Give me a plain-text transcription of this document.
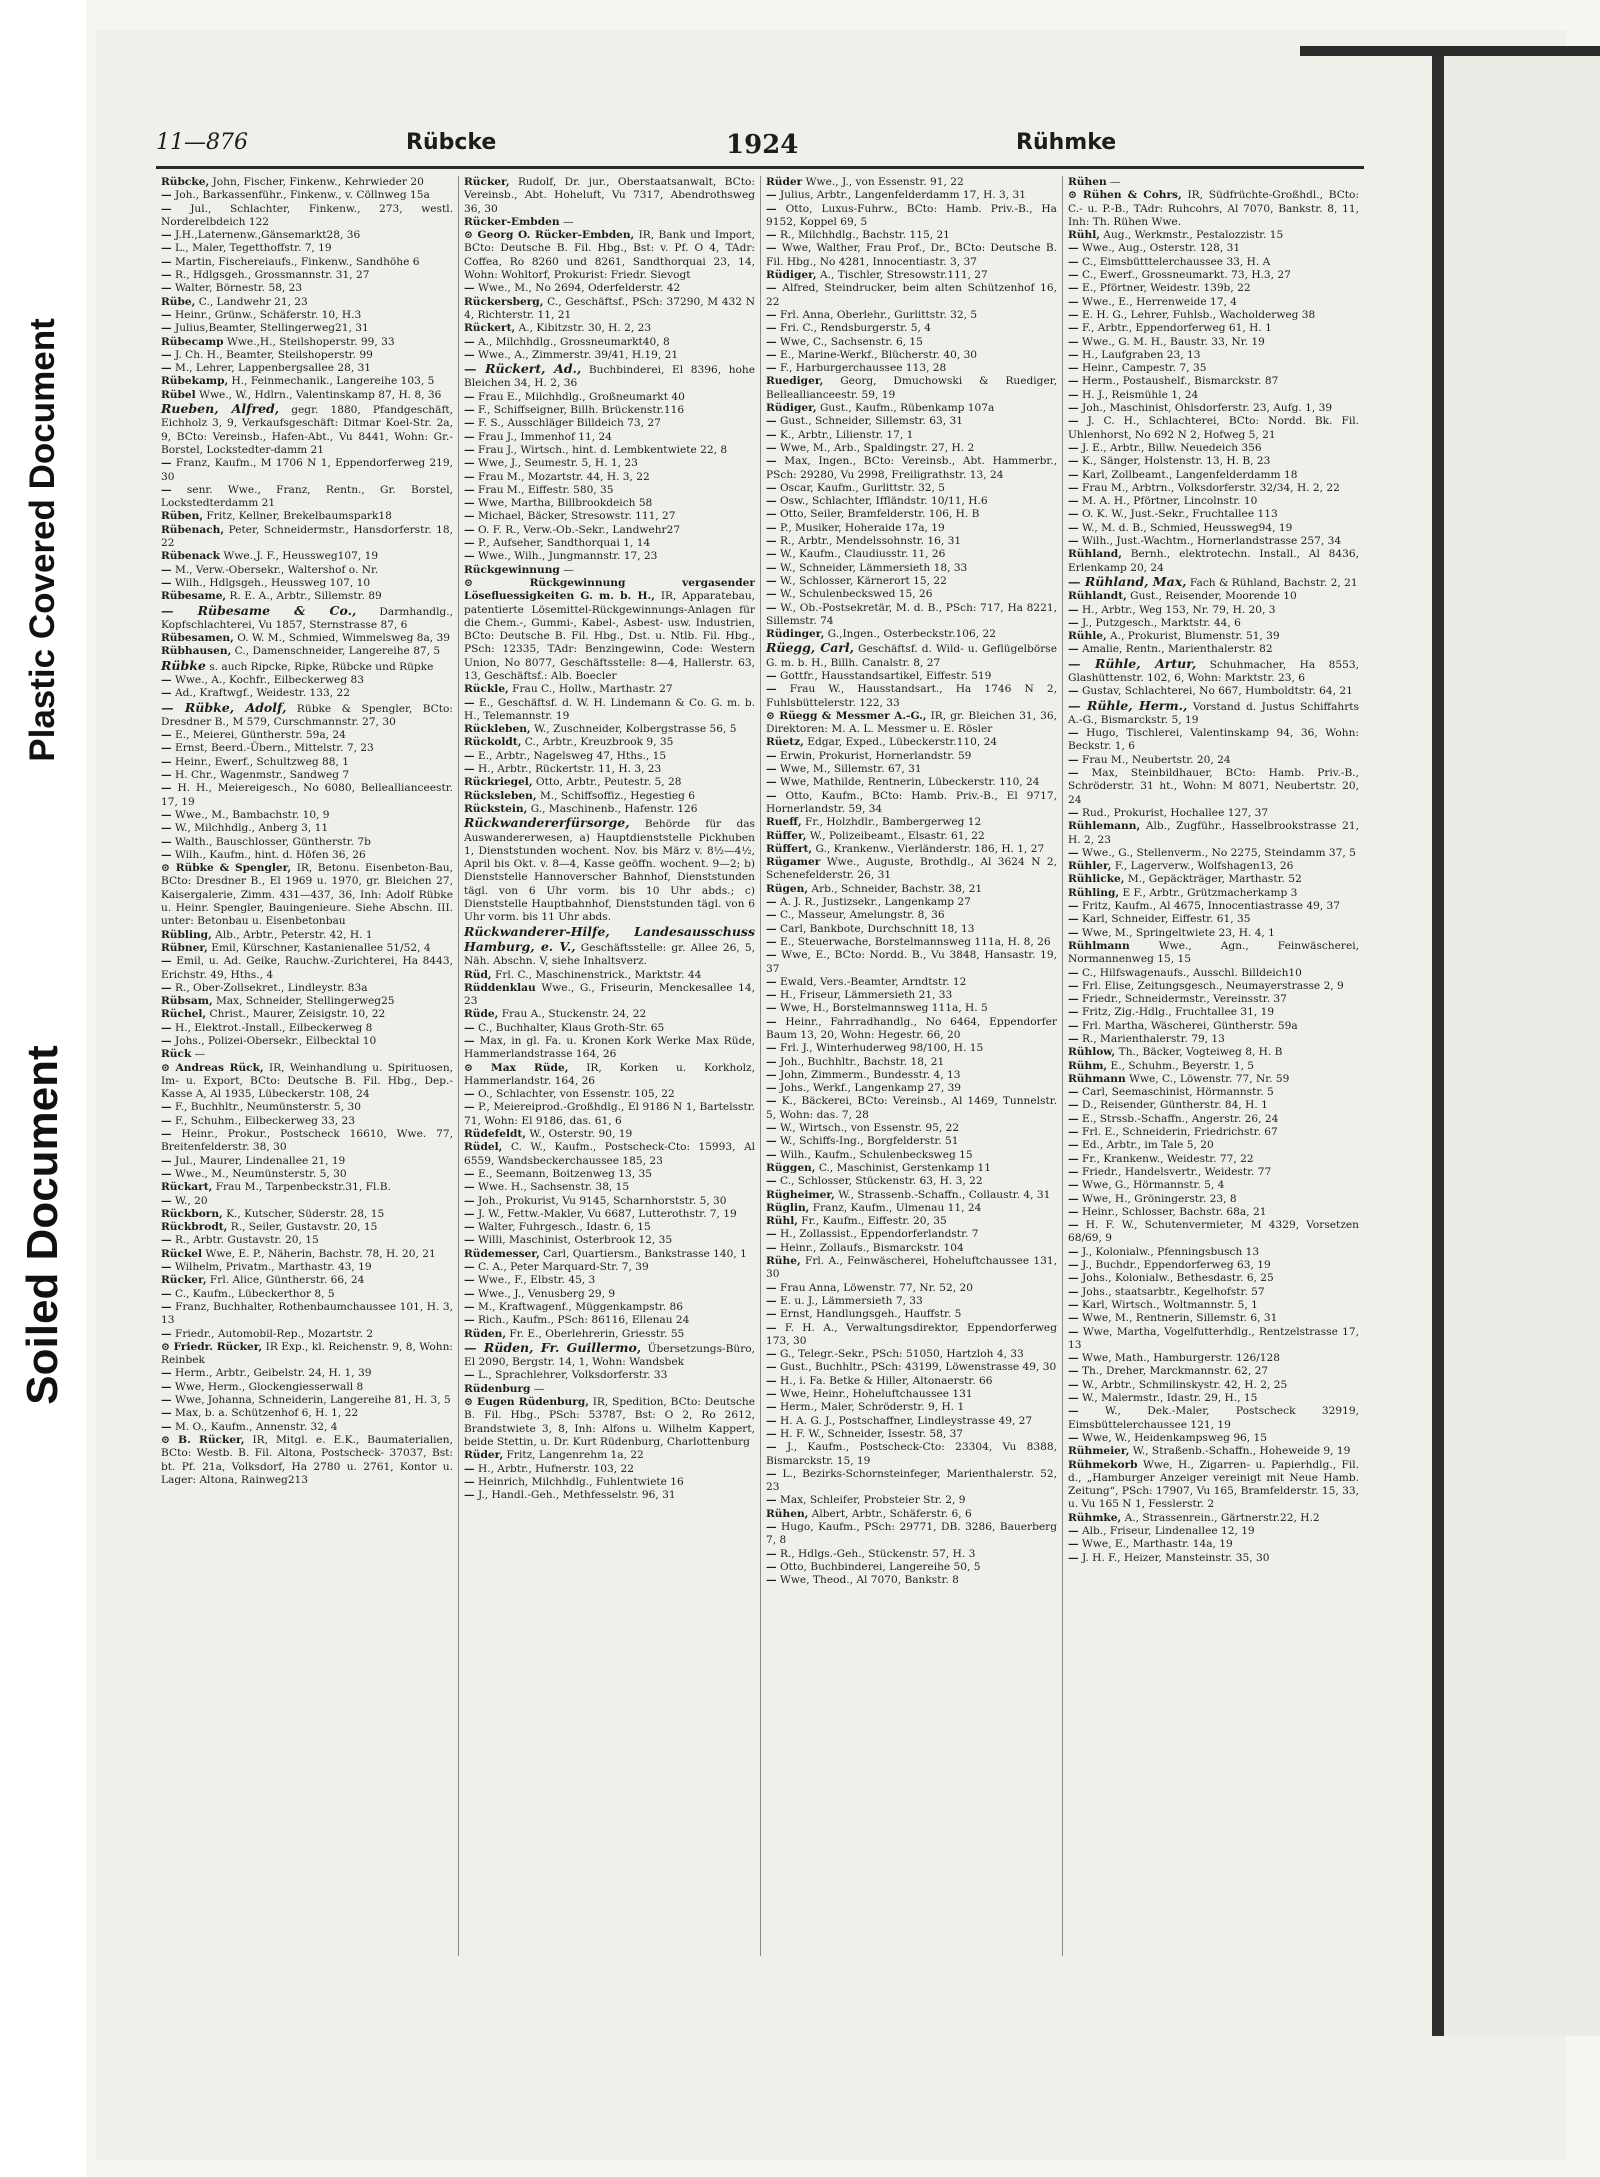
Plastic Covered Document
Soiled Document
11—876	Rübcke	1924	Rühmke

Rübcke, John, Fischer, Finkenw., Kehrwieder 20

— Joh., Barkassenführ., Finkenw., v. Cöllnweg 15a

— Jul., Schlachter, Finkenw., 273, westl. Norderelbdeich 122

— J.H.,Laternenw.,Gänsemarkt28, 36

— L., Maler, Tegetthoffstr. 7, 19

— Martin, Fischereiaufs., Finkenw., Sandhöhe 6

— R., Hdlgsgeh., Grossmannstr. 31, 27

— Walter, Börnestr. 58, 23

Rübe, C., Landwehr 21, 23

— Heinr., Grünw., Schäferstr. 10, H.3

— Julius,Beamter, Stellingerweg21, 31

Rübecamp Wwe.,H., Steilshoperstr. 99, 33

— J. Ch. H., Beamter, Steilshoperstr. 99

— M., Lehrer, Lappenbergsallee 28, 31

Rübekamp, H., Feinmechanik., Langereihe 103, 5

Rübel Wwe., W., Hdlrn., Valentinskamp 87, H. 8, 36

Rueben, Alfred, gegr. 1880, Pfandgeschäft, Eichholz 3, 9, Verkaufsgeschäft: Ditmar Koel-Str. 2a, 9, BCto: Vereinsb., Hafen-Abt., Vu 8441, Wohn: Gr.-Borstel, Lockstedter-damm 21

— Franz, Kaufm., M 1706 N 1, Eppendorferweg 219, 30

— senr. Wwe., Franz, Rentn., Gr. Borstel, Lockstedterdamm 21

Rüben, Fritz, Kellner, Brekelbaumspark18

Rübenach, Peter, Schneidermstr., Hansdorferstr. 18, 22

Rübenack Wwe.,J. F., Heussweg107, 19

— M., Verw.-Obersekr., Waltershof o. Nr.

— Wilh., Hdlgsgeh., Heussweg 107, 10

Rübesame, R. E. A., Arbtr., Sillemstr. 89

— Rübesame & Co., Darmhandlg., Kopfschlachterei, Vu 1857, Sternstrasse 87, 6

Rübesamen, O. W. M., Schmied, Wimmelsweg 8a, 39

Rübhausen, C., Damenschneider, Langereihe 87, 5

Rübke s. auch Ripcke, Ripke, Rübcke und Rüpke

— Wwe., A., Kochfr., Eilbeckerweg 83

— Ad., Kraftwgf., Weidestr. 133, 22

— Rübke, Adolf, Rübke & Spengler, BCto: Dresdner B., M 579, Curschmannstr. 27, 30

— E., Meierei, Güntherstr. 59a, 24

— Ernst, Beerd.-Übern., Mittelstr. 7, 23

— Heinr., Ewerf., Schultzweg 88, 1

— H. Chr., Wagenmstr., Sandweg 7

— H. H., Meiereigesch., No 6080, Belleallianceestr. 17, 19

— Wwe., M., Bambachstr. 10, 9

— W., Milchhdlg., Anberg 3, 11

— Walth., Bauschlosser, Güntherstr. 7b

— Wilh., Kaufm., hint. d. Höfen 36, 26

⊙ Rübke & Spengler, IR, Betonu. Eisenbeton-Bau, BCto: Dresdner B., El 1969 u. 1970, gr. Bleichen 27, Kaisergalerie, Zimm. 431—437, 36, Inh: Adolf Rübke u. Heinr. Spengler, Bauingenieure. Siehe Abschn. III. unter: Betonbau u. Eisenbetonbau

Rübling, Alb., Arbtr., Peterstr. 42, H. 1

Rübner, Emil, Kürschner, Kastanienallee 51/52, 4

— Emil, u. Ad. Geike, Rauchw.-Zurichterei, Ha 8443, Erichstr. 49, Hths., 4

— R., Ober-Zollsekret., Lindleystr. 83a

Rübsam, Max, Schneider, Stellingerweg25

Rüchel, Christ., Maurer, Zeisigstr. 10, 22

— H., Elektrot.-Install., Eilbeckerweg 8

— Johs., Polizei-Obersekr., Eilbecktal 10

Rück —

⊙ Andreas Rück, IR, Weinhandlung u. Spirituosen, Im- u. Export, BCto: Deutsche B. Fil. Hbg., Dep.-Kasse A, Al 1935, Lübeckerstr. 108, 24

— F., Buchhltr., Neumünsterstr. 5, 30

— F., Schuhm., Eilbeckerweg 33, 23

— Heinr., Prokur., Postscheck 16610, Wwe. 77, Breitenfelderstr. 38, 30

— Jul., Maurer, Lindenallee 21, 19

— Wwe., M., Neumünsterstr. 5, 30

Rückart, Frau M., Tarpenbeckstr.31, Fl.B.

— W., 20

Rückborn, K., Kutscher, Süderstr. 28, 15

Rückbrodt, R., Seiler, Gustavstr. 20, 15

— R., Arbtr. Gustavstr. 20, 15

Rückel Wwe, E. P., Näherin, Bachstr. 78, H. 20, 21

— Wilhelm, Privatm., Marthastr. 43, 19

Rücker, Frl. Alice, Güntherstr. 66, 24

— C., Kaufm., Lübeckerthor 8, 5

— Franz, Buchhalter, Rothenbaumchaussee 101, H. 3, 13

— Friedr., Automobil-Rep., Mozartstr. 2

⊙ Friedr. Rücker, IR Exp., kl. Reichenstr. 9, 8, Wohn: Reinbek

— Herm., Arbtr., Geibelstr. 24, H. 1, 39

— Wwe, Herm., Glockengiesserwall 8

— Wwe, Johanna, Schneiderin, Langereihe 81, H. 3, 5

— Max, b. a. Schützenhof 6, H. 1, 22

— M. O., Kaufm., Annenstr. 32, 4

⊙ B. Rücker, IR, Mitgl. e. E.K., Baumaterialien, BCto: Westb. B. Fil. Altona, Postscheck- 37037, Bst: bt. Pf. 21a, Volksdorf, Ha 2780 u. 2761, Kontor u. Lager: Altona, Rainweg213

Rücker, Rudolf, Dr. jur., Oberstaatsanwalt, BCto: Vereinsb., Abt. Hoheluft, Vu 7317, Abendrothsweg 36, 30

Rücker-Embden —

⊙ Georg O. Rücker-Embden, IR, Bank und Import, BCto: Deutsche B. Fil. Hbg., Bst: v. Pf. O 4, TAdr: Coffea, Ro 8260 und 8261, Sandthorquai 23, 14, Wohn: Wohltorf, Prokurist: Friedr. Sievogt

— Wwe., M., No 2694, Oderfelderstr. 42

Rückersberg, C., Geschäftsf., PSch: 37290, M 432 N 4, Richterstr. 11, 21

Rückert, A., Kibitzstr. 30, H. 2, 23

— A., Milchhdlg., Grossneumarkt40, 8

— Wwe., A., Zimmerstr. 39/41, H.19, 21

— Rückert, Ad., Buchbinderei, El 8396, hohe Bleichen 34, H. 2, 36

— Frau E., Milchhdlg., Großneumarkt 40

— F., Schiffseigner, Billh. Brückenstr.116

— F. S., Ausschläger Billdeich 73, 27

— Frau J., Immenhof 11, 24

— Frau J., Wirtsch., hint. d. Lembkentwiete 22, 8

— Wwe, J., Seumestr. 5, H. 1, 23

— Frau M., Mozartstr. 44, H. 3, 22

— Frau M., Eiffestr. 580, 35

— Wwe, Martha, Billbrookdeich 58

— Michael, Bäcker, Stresowstr. 111, 27

— O. F. R., Verw.-Ob.-Sekr., Landwehr27

— P., Aufseher, Sandthorquai 1, 14

— Wwe., Wilh., Jungmannstr. 17, 23

Rückgewinnung —

⊙ Rückgewinnung vergasender Lösefluessigkeiten G. m. b. H., IR, Apparatebau, patentierte Lösemittel-Rückgewinnungs-Anlagen für die Chem.-, Gummi-, Kabel-, Asbest- usw. Industrien, BCto: Deutsche B. Fil. Hbg., Dst. u. Ntlb. Fil. Hbg., PSch: 12335, TAdr: Benzingewinn, Code: Western Union, No 8077, Geschäftsstelle: 8—4, Hallerstr. 63, 13, Geschäftsf.: Alb. Boecler

Rückle, Frau C., Hollw., Marthastr. 27

— E., Geschäftsf. d. W. H. Lindemann & Co. G. m. b. H., Telemannstr. 19

Rückleben, W., Zuschneider, Kolbergstrasse 56, 5

Rückoldt, C., Arbtr., Kreuzbrook 9, 35

— E., Arbtr., Nagelsweg 47, Hths., 15

— H., Arbtr., Rückertstr. 11, H. 3, 23

Rückriegel, Otto, Arbtr., Peutestr. 5, 28

Rücksleben, M., Schiffsoffiz., Hegestieg 6

Rückstein, G., Maschinenb., Hafenstr. 126

Rückwandererfürsorge, Behörde für das Auswandererwesen, a) Hauptdienststelle Pickhuben 1, Dienststunden wochent. Nov. bis März v. 8½—4½, April bis Okt. v. 8—4, Kasse geöffn. wochent. 9—2; b) Dienststelle Hannoverscher Bahnhof, Dienststunden tägl. von 6 Uhr vorm. bis 10 Uhr abds.; c) Dienststelle Hauptbahnhof, Dienststunden tägl. von 6 Uhr vorm. bis 11 Uhr abds.

Rückwanderer-Hilfe, Landesausschuss Hamburg, e. V., Geschäftsstelle: gr. Allee 26, 5, Näh. Abschn. V, siehe Inhaltsverz.

Rüd, Frl. C., Maschinenstrick., Marktstr. 44

Rüddenklau Wwe., G., Friseurin, Menckesallee 14, 23

Rüde, Frau A., Stuckenstr. 24, 22

— C., Buchhalter, Klaus Groth-Str. 65

— Max, in gl. Fa. u. Kronen Kork Werke Max Rüde, Hammerlandstrasse 164, 26

⊙ Max Rüde, IR, Korken u. Korkholz, Hammerlandstr. 164, 26

— O., Schlachter, von Essenstr. 105, 22

— P., Meiereiprod.-Großhdlg., El 9186 N 1, Bartelsstr. 71, Wohn: El 9186, das. 61, 6

Rüdefeldt, W., Osterstr. 90, 19

Rüdel, C. W., Kaufm., Postscheck-Cto: 15993, Al 6559, Wandsbeckerchaussee 185, 23

— E., Seemann, Boitzenweg 13, 35

— Wwe. H., Sachsenstr. 38, 15

— Joh., Prokurist, Vu 9145, Scharnhorststr. 5, 30

— J. W., Fettw.-Makler, Vu 6687, Lutterothstr. 7, 19

— Walter, Fuhrgesch., Idastr. 6, 15

— Willi, Maschinist, Osterbrook 12, 35

Rüdemesser, Carl, Quartiersm., Bankstrasse 140, 1

— C. A., Peter Marquard-Str. 7, 39

— Wwe., F., Elbstr. 45, 3

— Wwe., J., Venusberg 29, 9

— M., Kraftwagenf., Müggenkampstr. 86

— Rich., Kaufm., PSch: 86116, Ellenau 24

Rüden, Fr. E., Oberlehrerin, Griesstr. 55

— Rüden, Fr. Guillermo, Übersetzungs-Büro, El 2090, Bergstr. 14, 1, Wohn: Wandsbek

— L., Sprachlehrer, Volksdorferstr. 33

Rüdenburg —

⊙ Eugen Rüdenburg, IR, Spedition, BCto: Deutsche B. Fil. Hbg., PSch: 53787, Bst: O 2, Ro 2612, Brandstwiete 3, 8, Inh: Alfons u. Wilhelm Kappert, beide Stettin, u. Dr. Kurt Rüdenburg, Charlottenburg

Rüder, Fritz, Langenrehm 1a, 22

— H., Arbtr., Hufnerstr. 103, 22

— Heinrich, Milchhdlg., Fuhlentwiete 16

— J., Handl.-Geh., Methfesselstr. 96, 31

Rüder Wwe., J., von Essenstr. 91, 22

— Julius, Arbtr., Langenfelderdamm 17, H. 3, 31

— Otto, Luxus-Fuhrw., BCto: Hamb. Priv.-B., Ha 9152, Koppel 69, 5

— R., Milchhdlg., Bachstr. 115, 21

— Wwe, Walther, Frau Prof., Dr., BCto: Deutsche B. Fil. Hbg., No 4281, Innocentiastr. 3, 37

Rüdiger, A., Tischler, Stresowstr.111, 27

— Alfred, Steindrucker, beim alten Schützenhof 16, 22

— Frl. Anna, Oberlehr., Gurlittstr. 32, 5

— Fri. C., Rendsburgerstr. 5, 4

— Wwe, C., Sachsenstr. 6, 15

— E., Marine-Werkf., Blücherstr. 40, 30

— F., Harburgerchaussee 113, 28

Ruediger, Georg, Dmuchowski & Ruediger, Belleallianceestr. 59, 19

Rüdiger, Gust., Kaufm., Rübenkamp 107a

— Gust., Schneider, Sillemstr. 63, 31

— K., Arbtr., Lilienstr. 17, 1

— Wwe, M., Arb., Spaldingstr. 27, H. 2

— Max, Ingen., BCto: Vereinsb., Abt. Hammerbr., PSch: 29280, Vu 2998, Freiligrathstr. 13, 24

— Oscar, Kaufm., Gurlittstr. 32, 5

— Osw., Schlachter, Iffländstr. 10/11, H.6

— Otto, Seiler, Bramfelderstr. 106, H. B

— P., Musiker, Hoheraide 17a, 19

— R., Arbtr., Mendelssohnstr. 16, 31

— W., Kaufm., Claudiusstr. 11, 26

— W., Schneider, Lämmersieth 18, 33

— W., Schlosser, Kärnerort 15, 22

— W., Schulenbeckswed 15, 26

— W., Ob.-Postsekretär, M. d. B., PSch: 717, Ha 8221, Sillemstr. 74

Rüdinger, G.,Ingen., Osterbeckstr.106, 22

Rüegg, Carl, Geschäftsf. d. Wild- u. Geflügelbörse G. m. b. H., Billh. Canalstr. 8, 27

— Gottfr., Hausstandsartikel, Eiffestr. 519

— Frau W., Hausstandsart., Ha 1746 N 2, Fuhlsbüttelerstr. 122, 33

⊙ Rüegg & Messmer A.-G., IR, gr. Bleichen 31, 36, Direktoren: M. A. L. Messmer u. E. Rösler

Rüetz, Edgar, Exped., Lübeckerstr.110, 24

— Erwin, Prokurist, Hornerlandstr. 59

— Wwe, M., Sillemstr. 67, 31

— Wwe, Mathilde, Rentnerin, Lübeckerstr. 110, 24

— Otto, Kaufm., BCto: Hamb. Priv.-B., El 9717, Hornerlandstr. 59, 34

Rueff, Fr., Holzhdlr., Bambergerweg 12

Rüffer, W., Polizeibeamt., Elsastr. 61, 22

Rüffert, G., Krankenw., Vierländerstr. 186, H. 1, 27

Rügamer Wwe., Auguste, Brothdlg., Al 3624 N 2, Schenefelderstr. 26, 31

Rügen, Arb., Schneider, Bachstr. 38, 21

— A. J. R., Justizsekr., Langenkamp 27

— C., Masseur, Amelungstr. 8, 36

— Carl, Bankbote, Durchschnitt 18, 13

— E., Steuerwache, Borstelmannsweg 111a, H. 8, 26

— Wwe, E., BCto: Nordd. B., Vu 3848, Hansastr. 19, 37

— Ewald, Vers.-Beamter, Arndtstr. 12

— H., Friseur, Lämmersieth 21, 33

— Wwe, H., Borstelmannsweg 111a, H. 5

— Heinr., Fahrradhandlg., No 6464, Eppendorfer Baum 13, 20, Wohn: Hegestr. 66, 20

— Frl. J., Winterhuderweg 98/100, H. 15

— Joh., Buchhltr., Bachstr. 18, 21

— John, Zimmerm., Bundesstr. 4, 13

— Johs., Werkf., Langenkamp 27, 39

— K., Bäckerei, BCto: Vereinsb., Al 1469, Tunnelstr. 5, Wohn: das. 7, 28

— W., Wirtsch., von Essenstr. 95, 22

— W., Schiffs-Ing., Borgfelderstr. 51

— Wilh., Kaufm., Schulenbecksweg 15

Rüggen, C., Maschinist, Gerstenkamp 11

— C., Schlosser, Stückenstr. 63, H. 3, 22

Rügheimer, W., Strassenb.-Schaffn., Collaustr. 4, 31

Rüglin, Franz, Kaufm., Ulmenau 11, 24

Rühl, Fr., Kaufm., Eiffestr. 20, 35

— H., Zollassist., Eppendorferlandstr. 7

— Heinr., Zollaufs., Bismarckstr. 104

Rühe, Frl. A., Feinwäscherei, Hoheluftchaussee 131, 30

— Frau Anna, Löwenstr. 77, Nr. 52, 20

— E. u. J., Lämmersieth 7, 33

— Ernst, Handlungsgeh., Hauffstr. 5

— F. H. A., Verwaltungsdirektor, Eppendorferweg 173, 30

— G., Telegr.-Sekr., PSch: 51050, Hartzloh 4, 33

— Gust., Buchhltr., PSch: 43199, Löwenstrasse 49, 30

— H., i. Fa. Betke & Hiller, Altonaerstr. 66

— Wwe, Heinr., Hoheluftchaussee 131

— Herm., Maler, Schröderstr. 9, H. 1

— H. A. G. J., Postschaffner, Lindleystrasse 49, 27

— H. F. W., Schneider, Issestr. 58, 37

— J., Kaufm., Postscheck-Cto: 23304, Vu 8388, Bismarckstr. 15, 19

— L., Bezirks-Schornsteinfeger, Marienthalerstr. 52, 23

— Max, Schleifer, Probsteier Str. 2, 9

Rühen, Albert, Arbtr., Schäferstr. 6, 6

— Hugo, Kaufm., PSch: 29771, DB. 3286, Bauerberg 7, 8

— R., Hdlgs.-Geh., Stückenstr. 57, H. 3

— Otto, Buchbinderei, Langereihe 50, 5

— Wwe, Theod., Al 7070, Bankstr. 8

Rühen —

⊙ Rühen & Cohrs, IR, Südfrüchte-Großhdl., BCto: C.- u. P.-B., TAdr: Ruhcohrs, Al 7070, Bankstr. 8, 11, Inh: Th. Rühen Wwe.

Rühl, Aug., Werkmstr., Pestalozzistr. 15

— Wwe., Aug., Osterstr. 128, 31

— C., Eimsbütttelerchaussee 33, H. A

— C., Ewerf., Grossneumarkt. 73, H.3, 27

— E., Pförtner, Weidestr. 139b, 22

— Wwe., E., Herrenweide 17, 4

— E. H. G., Lehrer, Fuhlsb., Wacholderweg 38

— F., Arbtr., Eppendorferweg 61, H. 1

— Wwe., G. M. H., Baustr. 33, Nr. 19

— H., Laufgraben 23, 13

— Heinr., Campestr. 7, 35

— Herm., Postaushelf., Bismarckstr. 87

— H. J., Reismühle 1, 24

— Joh., Maschinist, Ohlsdorferstr. 23, Aufg. 1, 39

— J. C. H., Schlachterei, BCto: Nordd. Bk. Fil. Uhlenhorst, No 692 N 2, Hofweg 5, 21

— J. E., Arbtr., Billw. Neuedeich 356

— K., Sänger, Holstenstr. 13, H. B, 23

— Karl, Zollbeamt., Langenfelderdamm 18

— Frau M., Arbtrn., Volksdorferstr. 32/34, H. 2, 22

— M. A. H., Pförtner, Lincolnstr. 10

— O. K. W., Just.-Sekr., Fruchtallee 113

— W., M. d. B., Schmied, Heussweg94, 19

— Wilh., Just.-Wachtm., Hornerlandstrasse 257, 34

Rühland, Bernh., elektrotechn. Install., Al 8436, Erlenkamp 20, 24

— Rühland, Max, Fach & Rühland, Bachstr. 2, 21

Rühlandt, Gust., Reisender, Moorende 10

— H., Arbtr., Weg 153, Nr. 79, H. 20, 3

— J., Putzgesch., Marktstr. 44, 6

Rühle, A., Prokurist, Blumenstr. 51, 39

— Amalie, Rentn., Marienthalerstr. 82

— Rühle, Artur, Schuhmacher, Ha 8553, Glashüttenstr. 102, 6, Wohn: Marktstr. 23, 6

— Gustav, Schlachterei, No 667, Humboldtstr. 64, 21

— Rühle, Herm., Vorstand d. Justus Schiffahrts A.-G., Bismarckstr. 5, 19

— Hugo, Tischlerei, Valentinskamp 94, 36, Wohn: Beckstr. 1, 6

— Frau M., Neubertstr. 20, 24

— Max, Steinbildhauer, BCto: Hamb. Priv.-B., Schröderstr. 31 ht., Wohn: M 8071, Neubertstr. 20, 24

— Rud., Prokurist, Hochallee 127, 37

Rühlemann, Alb., Zugführ., Hasselbrookstrasse 21, H. 2, 23

— Wwe., G., Stellenverm., No 2275, Steindamm 37, 5

Rühler, F., Lagerverw., Wolfshagen13, 26

Rühlicke, M., Gepäckträger, Marthastr. 52

Rühling, E F., Arbtr., Grützmacherkamp 3

— Fritz, Kaufm., Al 4675, Innocentiastrasse 49, 37

— Karl, Schneider, Eiffestr. 61, 35

— Wwe, M., Springeltwiete 23, H. 4, 1

Rühlmann	Wwe., Agn., Feinwäscherei, Normannenweg 15, 15

— C., Hilfswagenaufs., Ausschl. Billdeich10

— Frl. Elise, Zeitungsgesch., Neumayerstrasse 2, 9

— Friedr., Schneidermstr., Vereinsstr. 37

— Fritz, Zig.-Hdlg., Fruchtallee 31, 19

— Frl. Martha, Wäscherei, Güntherstr. 59a

— R., Marienthalerstr. 79, 13

Rühlow, Th., Bäcker, Vogteiweg 8, H. B

Rühm, E., Schuhm., Beyerstr. 1, 5

Rühmann Wwe, C., Löwenstr. 77, Nr. 59

— Carl, Seemaschinist, Hörmannstr. 5

— D., Reisender, Güntherstr. 84, H. 1

— E., Strssb.-Schaffn., Angerstr. 26, 24

— Frl. E., Schneiderin, Friedrichstr. 67

— Ed., Arbtr., im Tale 5, 20

— Fr., Krankenw., Weidestr. 77, 22

— Friedr., Handelsvertr., Weidestr. 77

— Wwe, G., Hörmannstr. 5, 4

— Wwe, H., Gröningerstr. 23, 8

— Heinr., Schlosser, Bachstr. 68a, 21

— H. F. W., Schutenvermieter, M 4329, Vorsetzen 68/69, 9

— J., Kolonialw., Pfenningsbusch 13

— J., Buchdr., Eppendorferweg 63, 19

— Johs., Kolonialw., Bethesdastr. 6, 25

— Johs., staatsarbtr., Kegelhofstr. 57

— Karl, Wirtsch., Woltmannstr. 5, 1

— Wwe, M., Rentnerin, Sillemstr. 6, 31

— Wwe, Martha, Vogelfutterhdlg., Rentzelstrasse 17, 13

— Wwe, Math., Hamburgerstr. 126/128

— Th., Dreher, Marckmannstr. 62, 27

— W., Arbtr., Schmilinskystr. 42, H. 2, 25

— W., Malermstr., Idastr. 29, H., 15

— W., Dek.-Maler, Postscheck 32919, Eimsbüttelerchaussee 121, 19

— Wwe, W., Heidenkampsweg 96, 15

Rühmeier, W., Straßenb.-Schaffn., Hoheweide 9, 19

Rühmekorb Wwe, H., Zigarren- u. Papierhdlg., Fil. d., „Hamburger Anzeiger vereinigt mit Neue Hamb. Zeitung“, PSch: 17907, Vu 165, Bramfelderstr. 15, 33, u. Vu 165 N 1, Fesslerstr. 2

Rühmke, A., Strassenrein., Gärtnerstr.22, H.2

— Alb., Friseur, Lindenallee 12, 19

— Wwe, E., Marthastr. 14a, 19

— J. H. F., Heizer, Mansteinstr. 35, 30
